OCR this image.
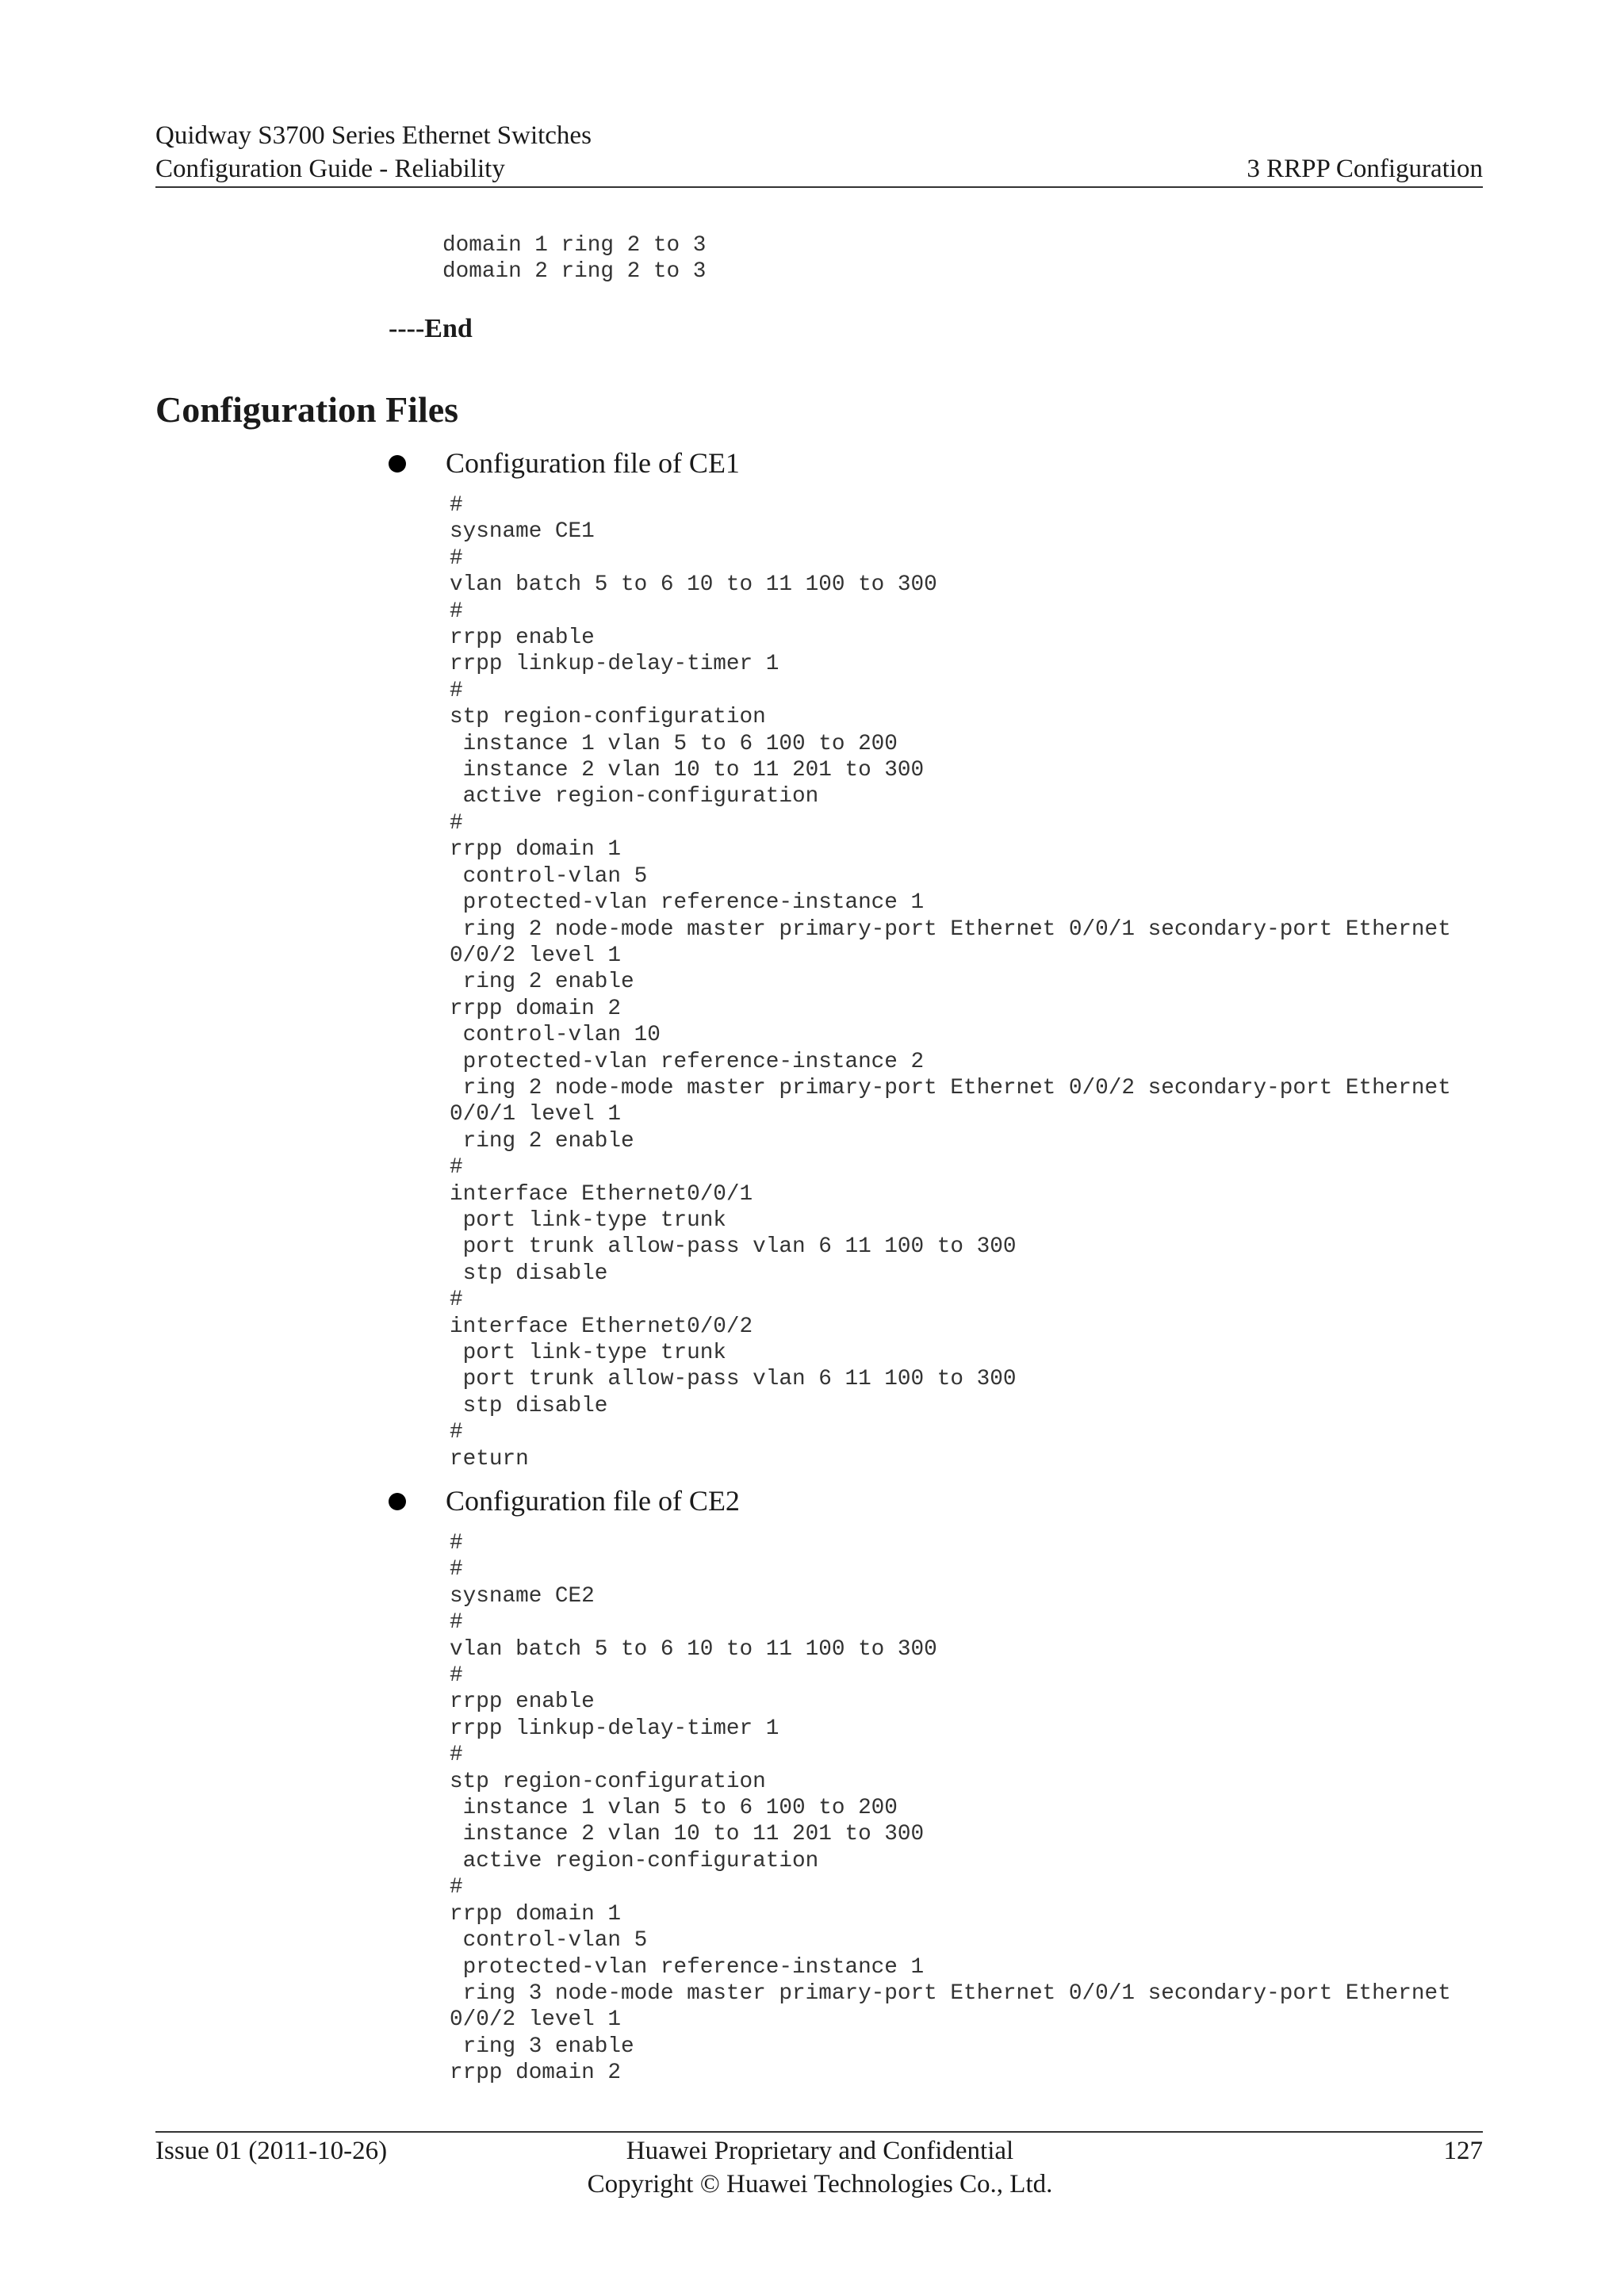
Quidway S3700 Series Ethernet Switches
Configuration Guide - Reliability	3 RRPP Configuration
domain 1 ring 2 to 3
domain 2 ring 2 to 3
----End
Configuration Files
Configuration file of CE1
#
sysname CE1
#
vlan batch 5 to 6 10 to 11 100 to 300
#
rrpp enable
rrpp linkup-delay-timer 1
#
stp region-configuration
instance 1 vlan 5 to 6 100 to 200
instance 2 vlan 10 to 11 201 to 300
active region-configuration
#
rrpp domain 1
control-vlan 5
protected-vlan reference-instance 1
ring 2 node-mode master primary-port Ethernet 0/0/1 secondary-port Ethernet
0/0/2 level 1
ring 2 enable
rrpp domain 2
control-vlan 10
protected-vlan reference-instance 2
ring 2 node-mode master primary-port Ethernet 0/0/2 secondary-port Ethernet
0/0/1 level 1
ring 2 enable
#
interface Ethernet0/0/1
port link-type trunk
port trunk allow-pass vlan 6 11 100 to 300
stp disable
#
interface Ethernet0/0/2
port link-type trunk
port trunk allow-pass vlan 6 11 100 to 300
stp disable
#
return
Configuration file of CE2
#
#
sysname CE2
#
vlan batch 5 to 6 10 to 11 100 to 300
#
rrpp enable
rrpp linkup-delay-timer 1
#
stp region-configuration
instance 1 vlan 5 to 6 100 to 200
instance 2 vlan 10 to 11 201 to 300
active region-configuration
#
rrpp domain 1
control-vlan 5
protected-vlan reference-instance 1
ring 3 node-mode master primary-port Ethernet 0/0/1 secondary-port Ethernet
0/0/2 level 1
ring 3 enable
rrpp domain 2
Issue 01 (2011-10-26)	Huawei Proprietary and Confidential
Copyright © Huawei Technologies Co., Ltd.
127
